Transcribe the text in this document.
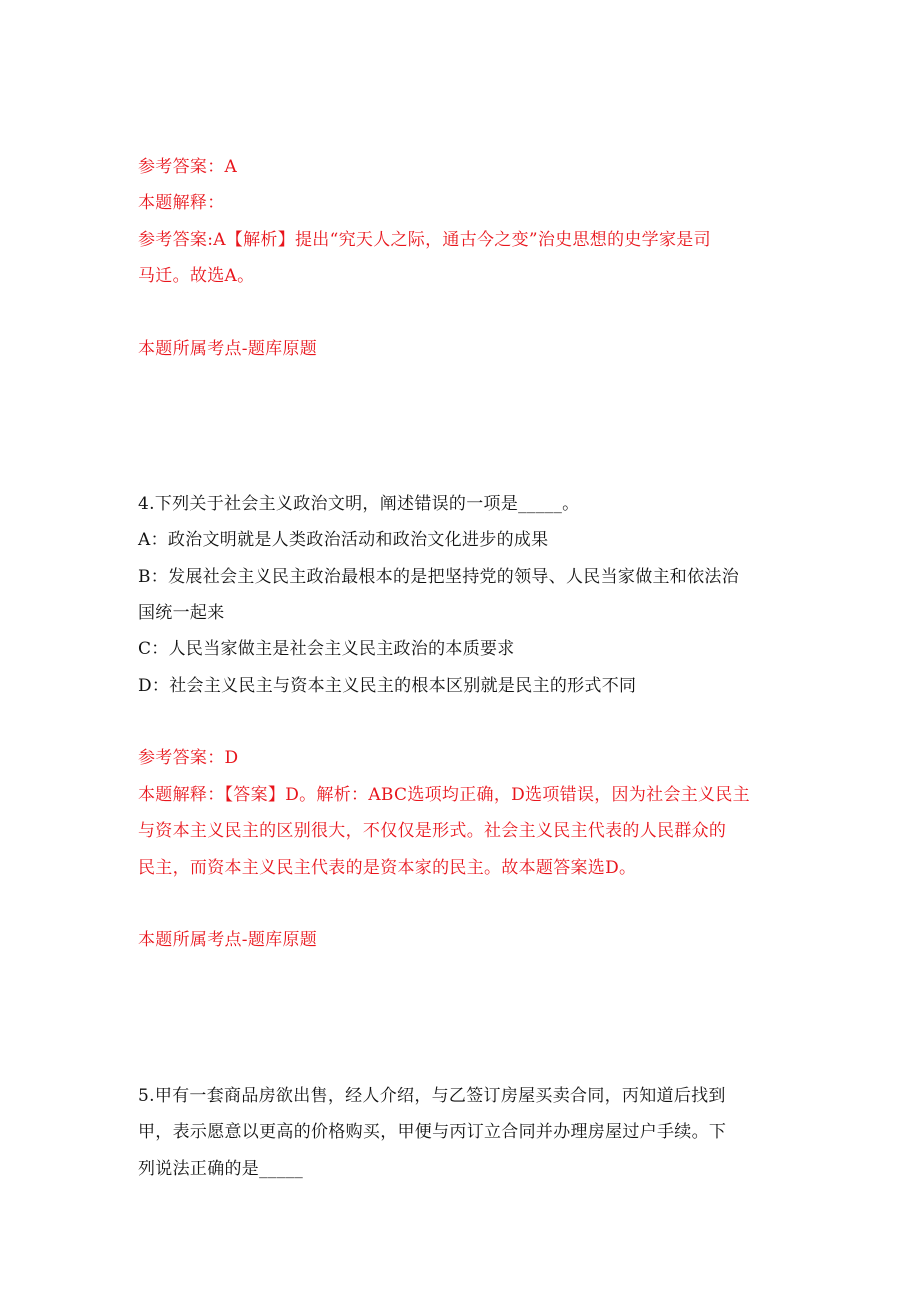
参考答案：A
本题解释：
参考答案:A【解析】提出“究天人之际，通古今之变”治史思想的史学家是司
马迁。故选A。
本题所属考点-题库原题
4.下列关于社会主义政治文明，阐述错误的一项是_____。
A：政治文明就是人类政治活动和政治文化进步的成果
B：发展社会主义民主政治最根本的是把坚持党的领导、人民当家做主和依法治
国统一起来
C：人民当家做主是社会主义民主政治的本质要求
D：社会主义民主与资本主义民主的根本区别就是民主的形式不同
参考答案：D
本题解释：【答案】D。解析：ABC选项均正确，D选项错误，因为社会主义民主
与资本主义民主的区别很大，不仅仅是形式。社会主义民主代表的人民群众的
民主，而资本主义民主代表的是资本家的民主。故本题答案选D。
本题所属考点-题库原题
5.甲有一套商品房欲出售，经人介绍，与乙签订房屋买卖合同，丙知道后找到
甲，表示愿意以更高的价格购买，甲便与丙订立合同并办理房屋过户手续。下
列说法正确的是_____
